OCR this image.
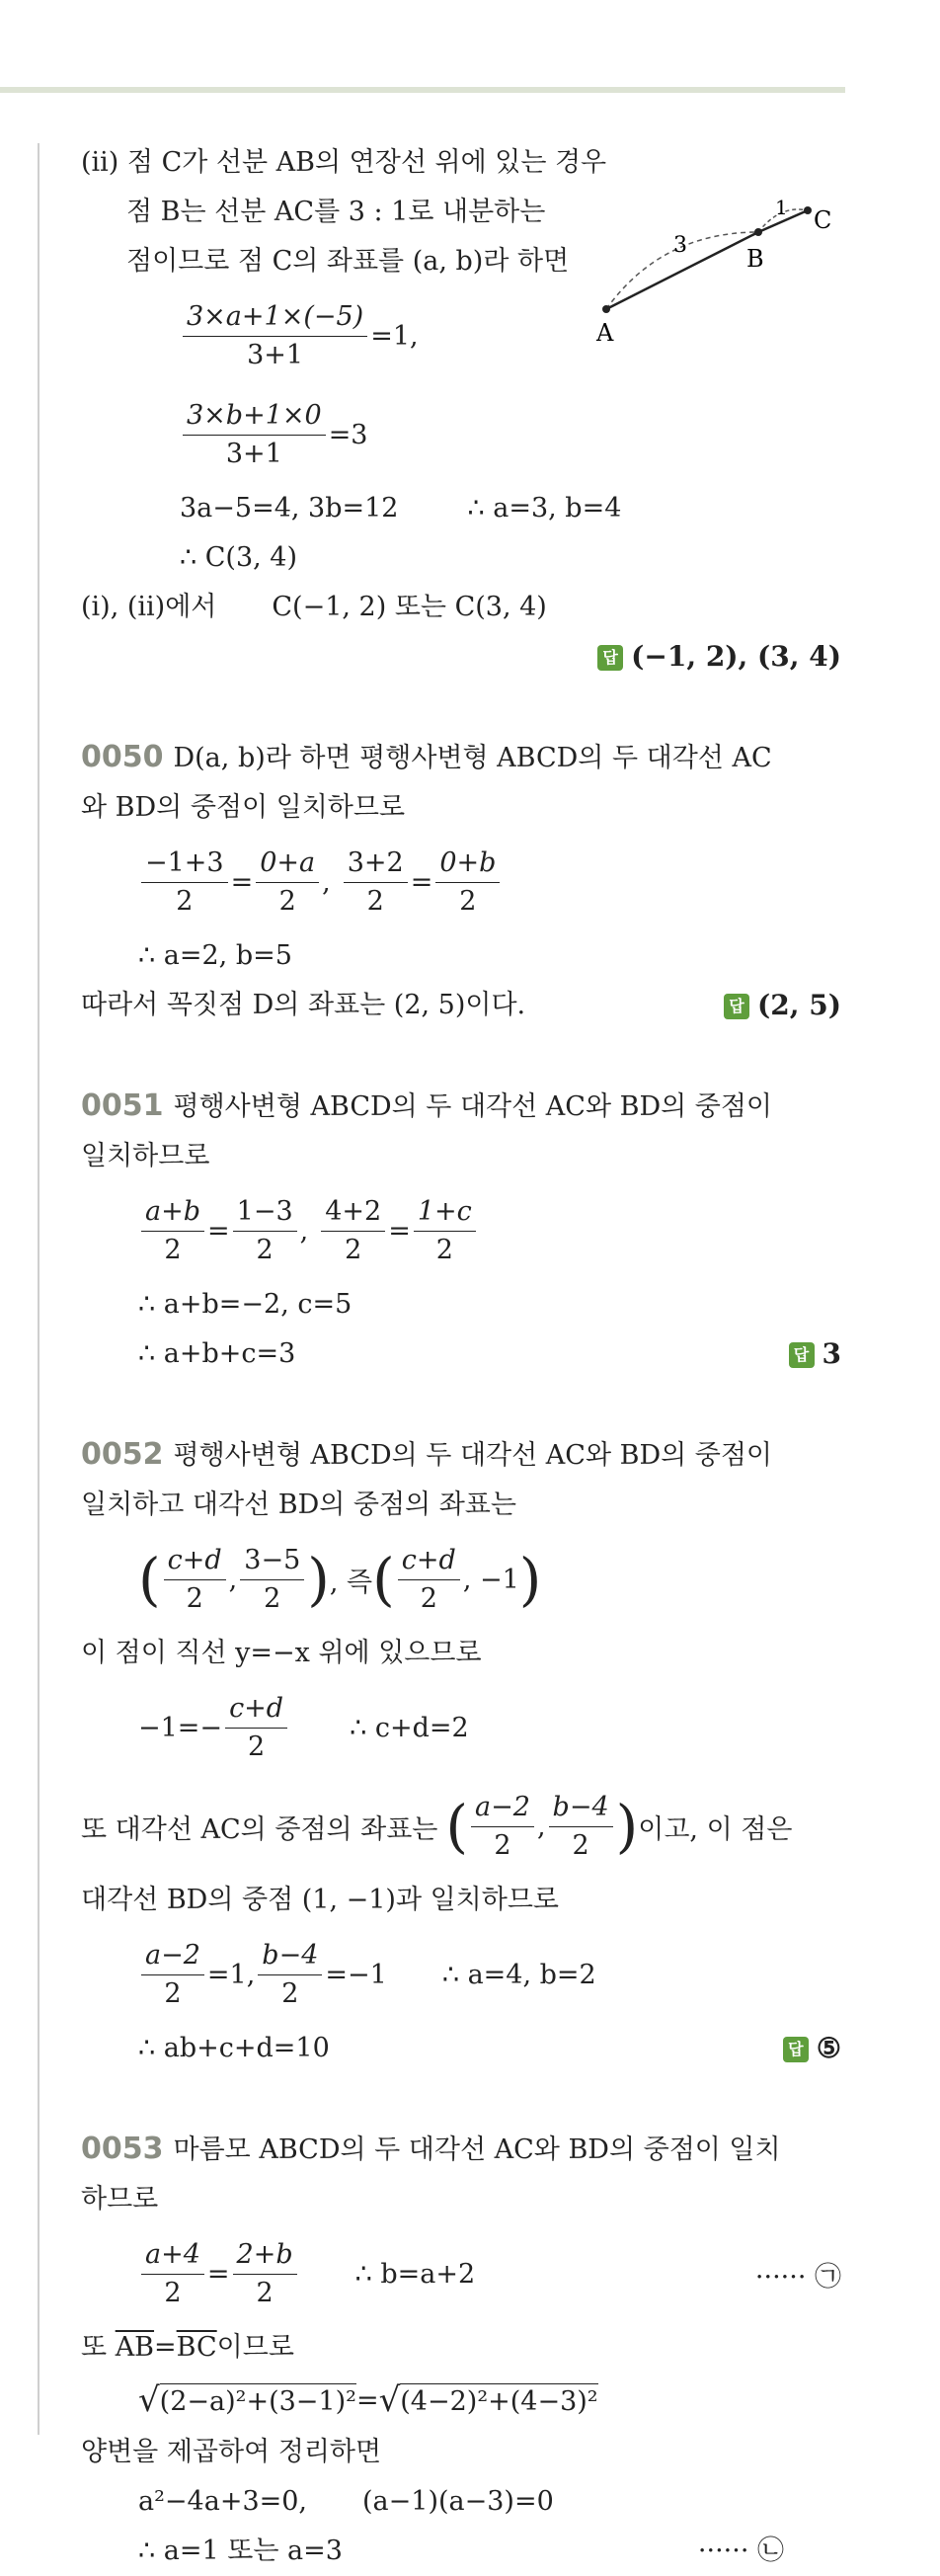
A
B
C
3
1
(ⅱ) 점 C가 선분 AB의 연장선 위에 있는 경우
점 B는 선분 AC를 3 : 1로 내분하는
점이므로 점 C의 좌표를 (a, b)라 하면
$\frac{3\times a+1\times(-5)}{3+1} =1$,
$\frac{3\times b+1\times 0}{3+1} =3$
3a−5=4, 3b=12	∴ a=3, b=4
∴ C(3, 4)
(ⅰ), (ⅱ)에서 C(−1, 2) 또는 C(3, 4)
답 (−1, 2), (3, 4)
0050 D(a, b)라 하면 평행사변형 ABCD의 두 대각선 AC
와 BD의 중점이 일치하므로
$\frac{-1+3}{2} = \frac{0+a}{2}$ , $\frac{3+2}{2} = \frac{0+b}{2}$
∴ a=2, b=5
따라서 꼭짓점 D의 좌표는 (2, 5)이다.	답 (2, 5)
0051 평행사변형 ABCD의 두 대각선 AC와 BD의 중점이
일치하므로
$\frac{a+b}{2} = \frac{1-3}{2}$ , $\frac{4+2}{2} = \frac{1+c}{2}$
∴ a+b=−2, c=5
∴ a+b+c=3	답 3
0052 평행사변형 ABCD의 두 대각선 AC와 BD의 중점이
일치하고 대각선 BD의 중점의 좌표는
( $\frac{c+d}{2}$ , $\frac{3-5}{2}$ ) , 즉 ( $\frac{c+d}{2}$ , −1 )
이 점이 직선 y=−x 위에 있으므로
$-1=- \frac{c+d}{2}$ ∴ c+d=2
또 대각선 AC의 중점의 좌표는 ( $\frac{a-2}{2}$ , $\frac{b-4}{2}$ ) 이고, 이 점은
대각선 BD의 중점 (1, −1)과 일치하므로
$\frac{a-2}{2} =1$, $\frac{b-4}{2} =-1$ ∴ a=4, b=2
∴ ab+c+d=10	답 ⑤
0053 마름모 ABCD의 두 대각선 AC와 BD의 중점이 일치
하므로
$\frac{a+4}{2} = \frac{2+b}{2}$ ∴ b=a+2	······ ㉠
또 $\overline{AB}=\overline{BC}$이므로
√ (2−a)²+(3−1)² = √ (4−2)²+(4−3)²
양변을 제곱하여 정리하면
a²−4a+3=0, (a−1)(a−3)=0
∴ a=1 또는 a=3	······ ㉡
